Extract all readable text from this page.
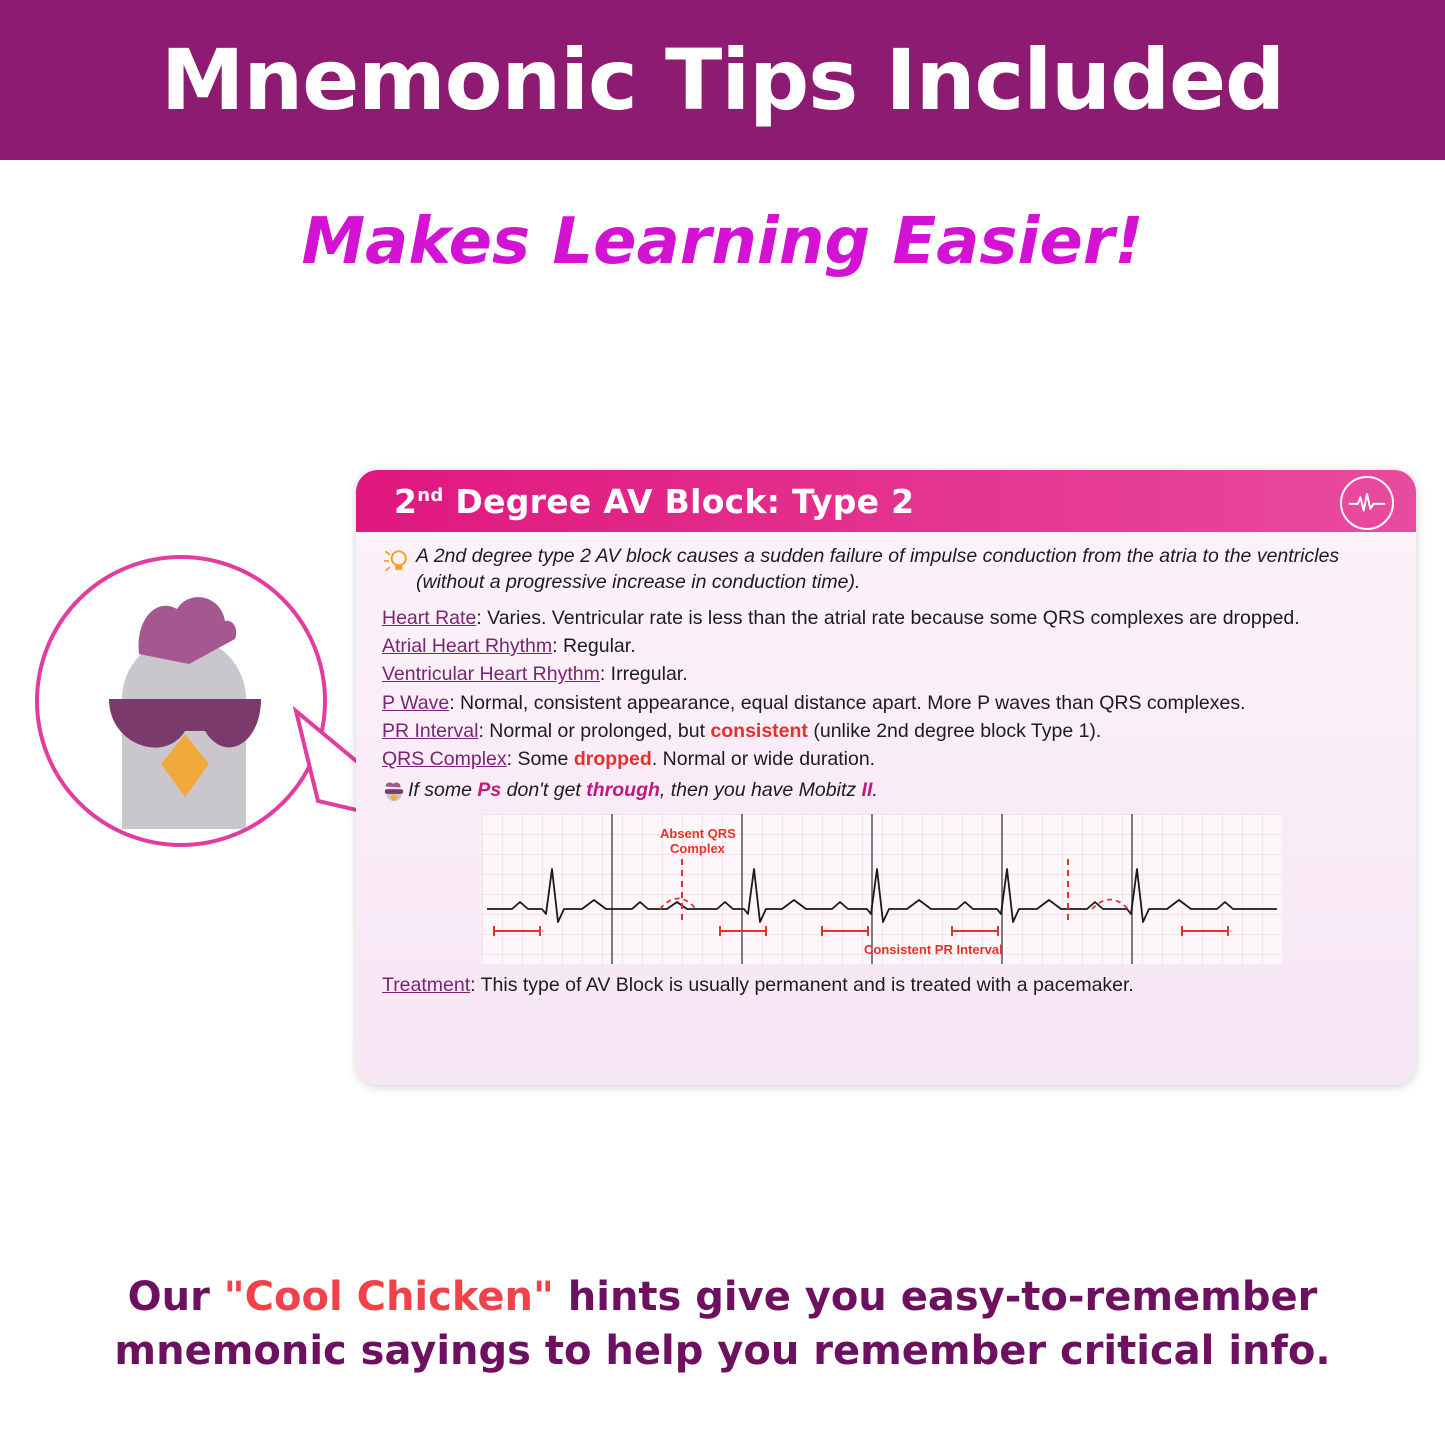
Mnemonic Tips Included
Makes Learning Easier!
2nd Degree AV Block: Type 2
A 2nd degree type 2 AV block causes a sudden failure of impulse conduction from the atria to the ventricles (without a progressive increase in conduction time).

Heart Rate: Varies. Ventricular rate is less than the atrial rate because some QRS complexes are dropped.

Atrial Heart Rhythm: Regular.

Ventricular Heart Rhythm: Irregular.

P Wave: Normal, consistent appearance, equal distance apart. More P waves than QRS complexes.

PR Interval: Normal or prolonged, but consistent (unlike 2nd degree block Type 1).

QRS Complex: Some dropped. Normal or wide duration.

If some Ps don't get through, then you have Mobitz II.
Absent QRS
Complex
Consistent PR Interval

Treatment: This type of AV Block is usually permanent and is treated with a pacemaker.

Our "Cool Chicken" hints give you easy-to-remember
mnemonic sayings to help you remember critical info.
